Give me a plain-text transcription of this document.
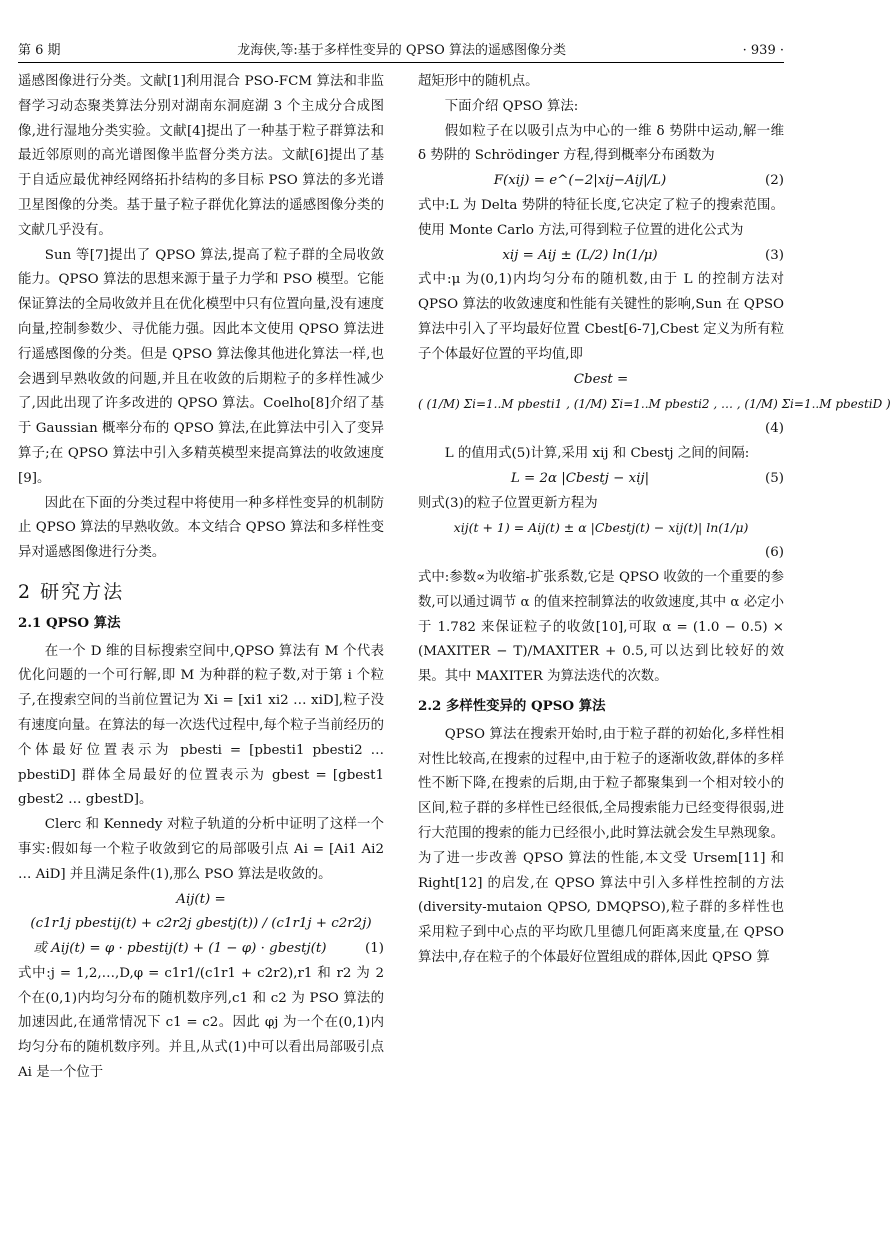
第 6 期	龙海侠,等:基于多样性变异的 QPSO 算法的遥感图像分类	· 939 ·

遥感图像进行分类。文献[1]利用混合 PSO-FCM 算法和非监督学习动态聚类算法分别对湖南东洞庭湖 3 个主成分合成图像,进行湿地分类实验。文献[4]提出了一种基于粒子群算法和最近邻原则的高光谱图像半监督分类方法。文献[6]提出了基于自适应最优神经网络拓扑结构的多目标 PSO 算法的多光谱卫星图像的分类。基于量子粒子群优化算法的遥感图像分类的文献几乎没有。

Sun 等[7]提出了 QPSO 算法,提高了粒子群的全局收敛能力。QPSO 算法的思想来源于量子力学和 PSO 模型。它能保证算法的全局收敛并且在优化模型中只有位置向量,没有速度向量,控制参数少、寻优能力强。因此本文使用 QPSO 算法进行遥感图像的分类。但是 QPSO 算法像其他进化算法一样,也会遇到早熟收敛的问题,并且在收敛的后期粒子的多样性减少了,因此出现了许多改进的 QPSO 算法。Coelho[8]介绍了基于 Gaussian 概率分布的 QPSO 算法,在此算法中引入了变异算子;在 QPSO 算法中引入多精英模型来提高算法的收敛速度[9]。

因此在下面的分类过程中将使用一种多样性变异的机制防止 QPSO 算法的早熟收敛。本文结合 QPSO 算法和多样性变异对遥感图像进行分类。

2 研究方法
2.1 QPSO 算法

在一个 D 维的目标搜索空间中,QPSO 算法有 M 个代表优化问题的一个可行解,即 M 为种群的粒子数,对于第 i 个粒子,在搜索空间的当前位置记为 Xi = [xi1 xi2 … xiD],粒子没有速度向量。在算法的每一次迭代过程中,每个粒子当前经历的个体最好位置表示为 pbesti = [pbesti1 pbesti2 … pbestiD] 群体全局最好的位置表示为 gbest = [gbest1 gbest2 … gbestD]。

Clerc 和 Kennedy 对粒子轨道的分析中证明了这样一个事实:假如每一个粒子收敛到它的局部吸引点 Ai = [Ai1 Ai2 … AiD] 并且满足条件(1),那么 PSO 算法是收敛的。

Aij(t) =
(c1r1j pbestij(t) + c2r2j gbestj(t)) / (c1r1j + c2r2j)
或 Aij(t) = φ · pbestij(t) + (1 − φ) · gbestj(t)	(1)

式中:j = 1,2,…,D,φ = c1r1/(c1r1 + c2r2),r1 和 r2 为 2 个在(0,1)内均匀分布的随机数序列,c1 和 c2 为 PSO 算法的加速因此,在通常情况下 c1 = c2。因此 φj 为一个在(0,1)内均匀分布的随机数序列。并且,从式(1)中可以看出局部吸引点 Ai 是一个位于

超矩形中的随机点。

下面介绍 QPSO 算法:

假如粒子在以吸引点为中心的一维 δ 势阱中运动,解一维 δ 势阱的 Schrödinger 方程,得到概率分布函数为

F(xij) = e^(−2|xij−Aij|/L)	(2)

式中:L 为 Delta 势阱的特征长度,它决定了粒子的搜索范围。使用 Monte Carlo 方法,可得到粒子位置的进化公式为

xij = Aij ± (L/2) ln(1/μ)	(3)

式中:μ 为(0,1)内均匀分布的随机数,由于 L 的控制方法对 QPSO 算法的收敛速度和性能有关键性的影响,Sun 在 QPSO 算法中引入了平均最好位置 Cbest[6-7],Cbest 定义为所有粒子个体最好位置的平均值,即

Cbest =
( (1/M) Σi=1..M pbesti1 , (1/M) Σi=1..M pbesti2 , … , (1/M) Σi=1..M pbestiD )
(4)

L 的值用式(5)计算,采用 xij 和 Cbestj 之间的间隔:

L = 2α |Cbestj − xij|	(5)

则式(3)的粒子位置更新方程为

xij(t + 1) = Aij(t) ± α |Cbestj(t) − xij(t)| ln(1/μ)
(6)

式中:参数∝为收缩-扩张系数,它是 QPSO 收敛的一个重要的参数,可以通过调节 α 的值来控制算法的收敛速度,其中 α 必定小于 1.782 来保证粒子的收敛[10],可取 α = (1.0 − 0.5) × (MAXITER − T)/MAXITER + 0.5,可以达到比较好的效果。其中 MAXITER 为算法迭代的次数。

2.2 多样性变异的 QPSO 算法

QPSO 算法在搜索开始时,由于粒子群的初始化,多样性相对性比较高,在搜索的过程中,由于粒子的逐渐收敛,群体的多样性不断下降,在搜索的后期,由于粒子都聚集到一个相对较小的区间,粒子群的多样性已经很低,全局搜索能力已经变得很弱,进行大范围的搜索的能力已经很小,此时算法就会发生早熟现象。为了进一步改善 QPSO 算法的性能,本文受 Ursem[11] 和 Right[12] 的启发,在 QPSO 算法中引入多样性控制的方法(diversity-mutaion QPSO, DMQPSO),粒子群的多样性也采用粒子到中心点的平均欧几里德几何距离来度量,在 QPSO 算法中,存在粒子的个体最好位置组成的群体,因此 QPSO 算
